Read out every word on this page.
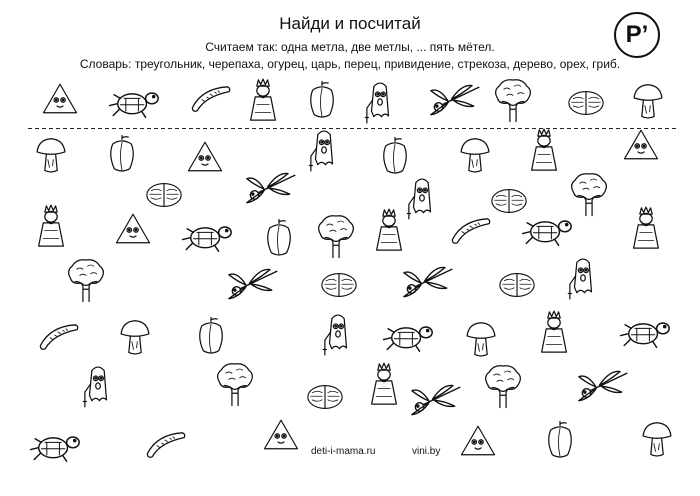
Найди и посчитай
Считаем так: одна метла, две метлы, ... пять мётел.
Словарь: треугольник, черепаха, огурец, царь, перец, привидение, стрекоза, дерево, орех, гриб.
P’
deti-i-mama.ru	vini.by
